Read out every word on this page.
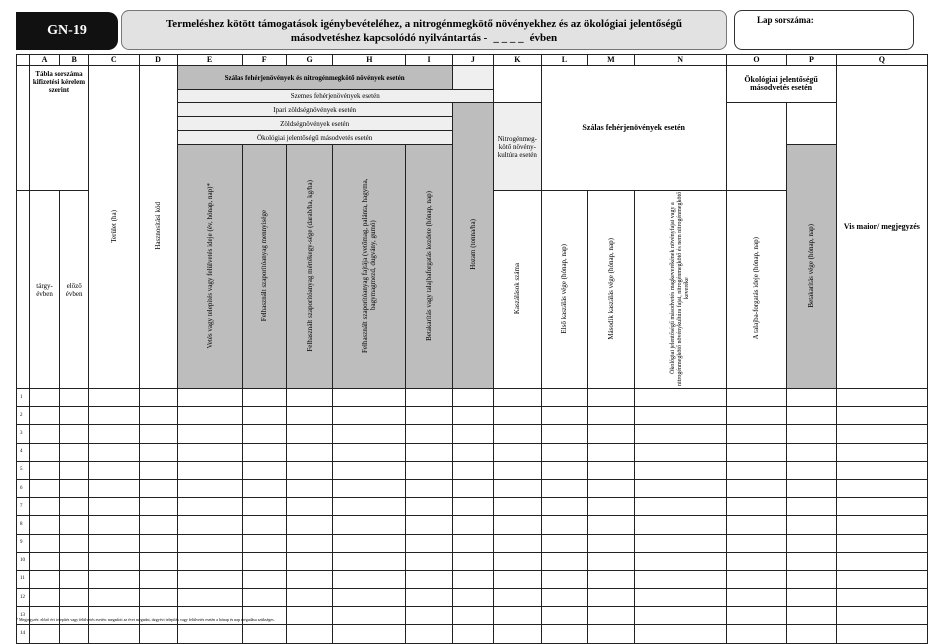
GN-19	Termeléshez kötött támogatások igénybevételéhez, a nitrogénmegkötő növényekhez és az ökológiai jelentőségű
másodvetéshez kapcsolódó nyilvántartás - _ _ _ _ évben
Lap sorszáma:
	A	B	C	D	E	F	G	H	I	J	K	L	M	N	O	P	Q
	Tábla sorszáma kifizetési kérelem szerint		Terület (ha)	Hasznosítási kód	Szálas fehérjenövények és nitrogénmegkötő növények esetén							Szálas fehérjenövények esetén			Ökológiai jelentőségű másodvetés esetén		Vis maior/ megjegyzés
					Szemes fehérjenövények esetén												
					Ipari zöldségnövények esetén					Hozam (tonna/ha)	Nitrogénmeg-kötő növény-kultúra esetén						
					Zöldségnövények esetén												
					Ökológiai jelentőségű másodvetés esetén												
					Vetés vagy telepítés vagy felülvetés ideje (év, hónap, nap)*	Felhasznált szaporítóanyag mennyisége	Felhasznált szaporítóanyag mértékegy-sége (darab/ha, kg/ha)	Felhasznált szaporítóanyag fajtája (vetőmag, palánta, hagyma, bagymagmezd, dugvány, gumó)	Betakarítás vagy talajbaforgatás kezdete (hónap, nap)							Betakarítás vége (hónap, nap)	
	tárgy-évben	előző évben									Kaszálások száma	Első kaszálás vége (hónap, nap)	Második kaszálás vége (hónap, nap)	Ökológiai jelentőségű másodvetés magkeverékének növényfajai vagy a nitrogénmegkötő növénykultúra fajai, nitrogénmegkötő és nem nitrogénmegkötő keveréke	A talajba-forgatás ideje (hónap, nap)		
1																	
2																	
3																	
4																	
5																	
6																	
7																	
8																	
9																	
10																	
11																	
12																	
13																	
14																	
* Megjegyzés: előző évi telepítés vagy felülvetés esetén: megadott az évet megadni, tárgyévi telepítés vagy felülvetés esetén a hónap és nap megadása szükséges.
